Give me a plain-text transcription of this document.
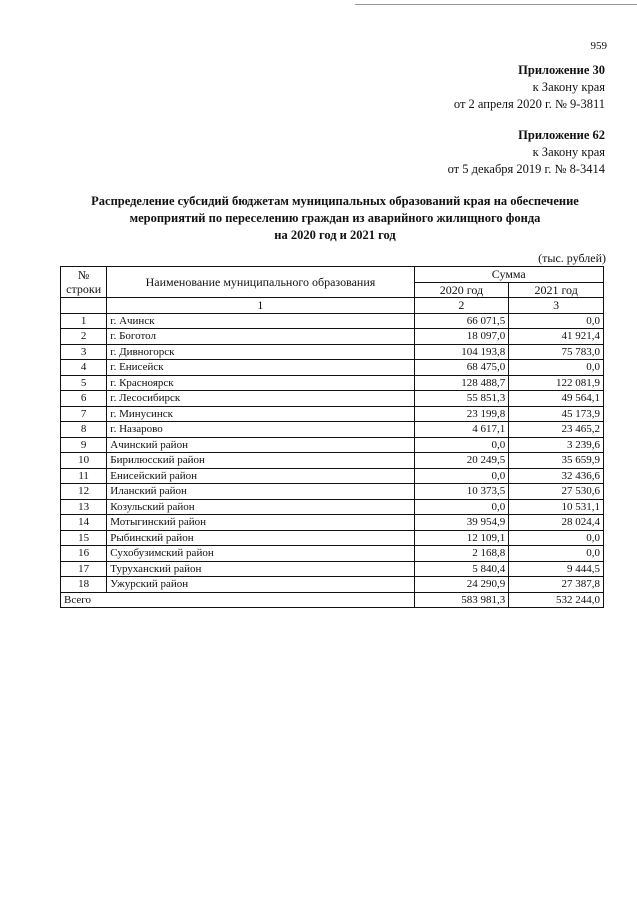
959
Приложение 30
к Закону края
от 2 апреля 2020 г. № 9-3811
Приложение 62
к Закону края
от 5 декабря 2019 г. № 8-3414
Распределение субсидий бюджетам муниципальных образований края на обеспечение
мероприятий по переселению граждан из аварийного жилищного фонда
на 2020 год и 2021 год
(тыс. рублей)
№
строки	Наименование муниципального образования	Сумма	
		2020 год	2021 год
	1	2	3
1	г. Ачинск	66 071,5	0,0
2	г. Боготол	18 097,0	41 921,4
3	г. Дивногорск	104 193,8	75 783,0
4	г. Енисейск	68 475,0	0,0
5	г. Красноярск	128 488,7	122 081,9
6	г. Лесосибирск	55 851,3	49 564,1
7	г. Минусинск	23 199,8	45 173,9
8	г. Назарово	4 617,1	23 465,2
9	Ачинский район	0,0	3 239,6
10	Бирилюсский район	20 249,5	35 659,9
11	Енисейский район	0,0	32 436,6
12	Иланский район	10 373,5	27 530,6
13	Козульский район	0,0	10 531,1
14	Мотыгинский район	39 954,9	28 024,4
15	Рыбинский район	12 109,1	0,0
16	Сухобузимский район	2 168,8	0,0
17	Туруханский район	5 840,4	9 444,5
18	Ужурский район	24 290,9	27 387,8
Всего		583 981,3	532 244,0
